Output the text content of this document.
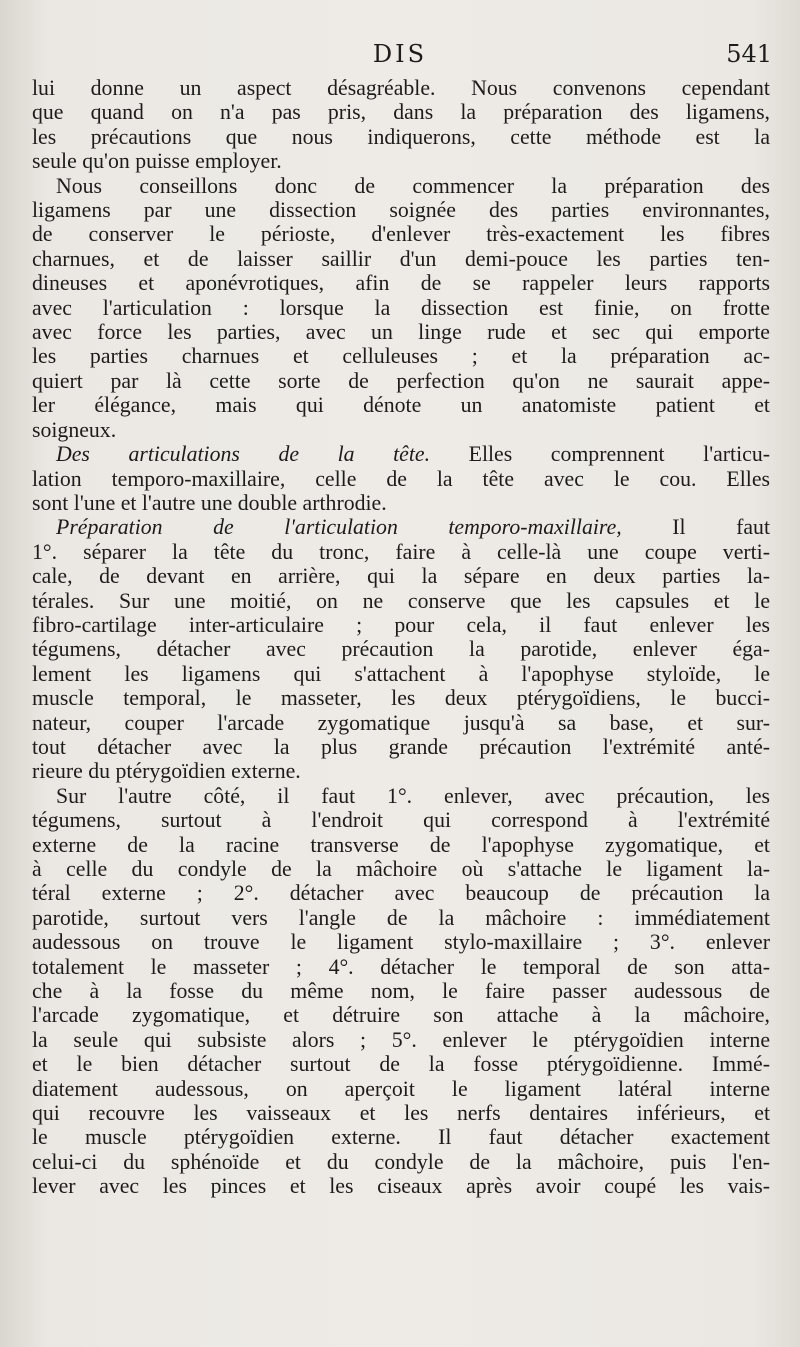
DIS	541
lui donne un aspect désagréable. Nous convenons cependant
que quand on n'a pas pris, dans la préparation des ligamens,
les précautions que nous indiquerons, cette méthode est la
seule qu'on puisse employer.
Nous conseillons donc de commencer la préparation des
ligamens par une dissection soignée des parties environnantes,
de conserver le périoste, d'enlever très-exactement les fibres
charnues, et de laisser saillir d'un demi-pouce les parties ten-
dineuses et aponévrotiques, afin de se rappeler leurs rapports
avec l'articulation : lorsque la dissection est finie, on frotte
avec force les parties, avec un linge rude et sec qui emporte
les parties charnues et celluleuses ; et la préparation ac-
quiert par là cette sorte de perfection qu'on ne saurait appe-
ler élégance, mais qui dénote un anatomiste patient et
soigneux.
Des articulations de la tête. Elles comprennent l'articu-
lation temporo-maxillaire, celle de la tête avec le cou. Elles
sont l'une et l'autre une double arthrodie.
Préparation de l'articulation temporo-maxillaire, Il faut
1°. séparer la tête du tronc, faire à celle-là une coupe verti-
cale, de devant en arrière, qui la sépare en deux parties la-
térales. Sur une moitié, on ne conserve que les capsules et le
fibro-cartilage inter-articulaire ; pour cela, il faut enlever les
tégumens, détacher avec précaution la parotide, enlever éga-
lement les ligamens qui s'attachent à l'apophyse styloïde, le
muscle temporal, le masseter, les deux ptérygoïdiens, le bucci-
nateur, couper l'arcade zygomatique jusqu'à sa base, et sur-
tout détacher avec la plus grande précaution l'extrémité anté-
rieure du ptérygoïdien externe.
Sur l'autre côté, il faut 1°. enlever, avec précaution, les
tégumens, surtout à l'endroit qui correspond à l'extrémité
externe de la racine transverse de l'apophyse zygomatique, et
à celle du condyle de la mâchoire où s'attache le ligament la-
téral externe ; 2°. détacher avec beaucoup de précaution la
parotide, surtout vers l'angle de la mâchoire : immédiatement
audessous on trouve le ligament stylo-maxillaire ; 3°. enlever
totalement le masseter ; 4°. détacher le temporal de son atta-
che à la fosse du même nom, le faire passer audessous de
l'arcade zygomatique, et détruire son attache à la mâchoire,
la seule qui subsiste alors ; 5°. enlever le ptérygoïdien interne
et le bien détacher surtout de la fosse ptérygoïdienne. Immé-
diatement audessous, on aperçoit le ligament latéral interne
qui recouvre les vaisseaux et les nerfs dentaires inférieurs, et
le muscle ptérygoïdien externe. Il faut détacher exactement
celui-ci du sphénoïde et du condyle de la mâchoire, puis l'en-
lever avec les pinces et les ciseaux après avoir coupé les vais-
